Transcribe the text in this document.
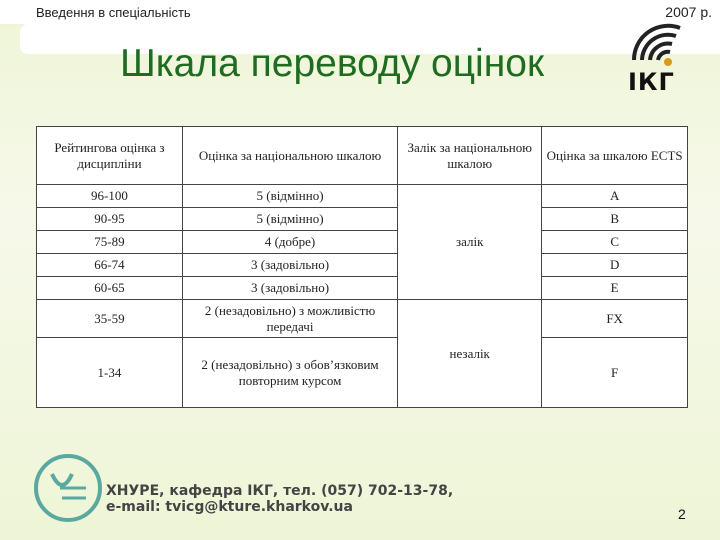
Введення в спеціальність	2007 р.
Шкала переводу оцінок	ІКГ
Рейтингова оцінка з дисципліни	Оцінка за національною шкалою	Залік за національною шкалою	Оцінка за шкалою ECTS
96-100	5 (відмінно)	залік	A
90-95	5 (відмінно)		B
75-89	4 (добре)		C
66-74	3 (задовільно)		D
60-65	3 (задовільно)		E
35-59	2 (незадовільно) з можливістю передачі	незалік	FX
1-34	2 (незадовільно) з обов’язковим повторним курсом		F
ХНУРЕ, кафедра ІКГ, тел. (057) 702-13-78,
e-mail: tvicg@kture.kharkov.ua	2
